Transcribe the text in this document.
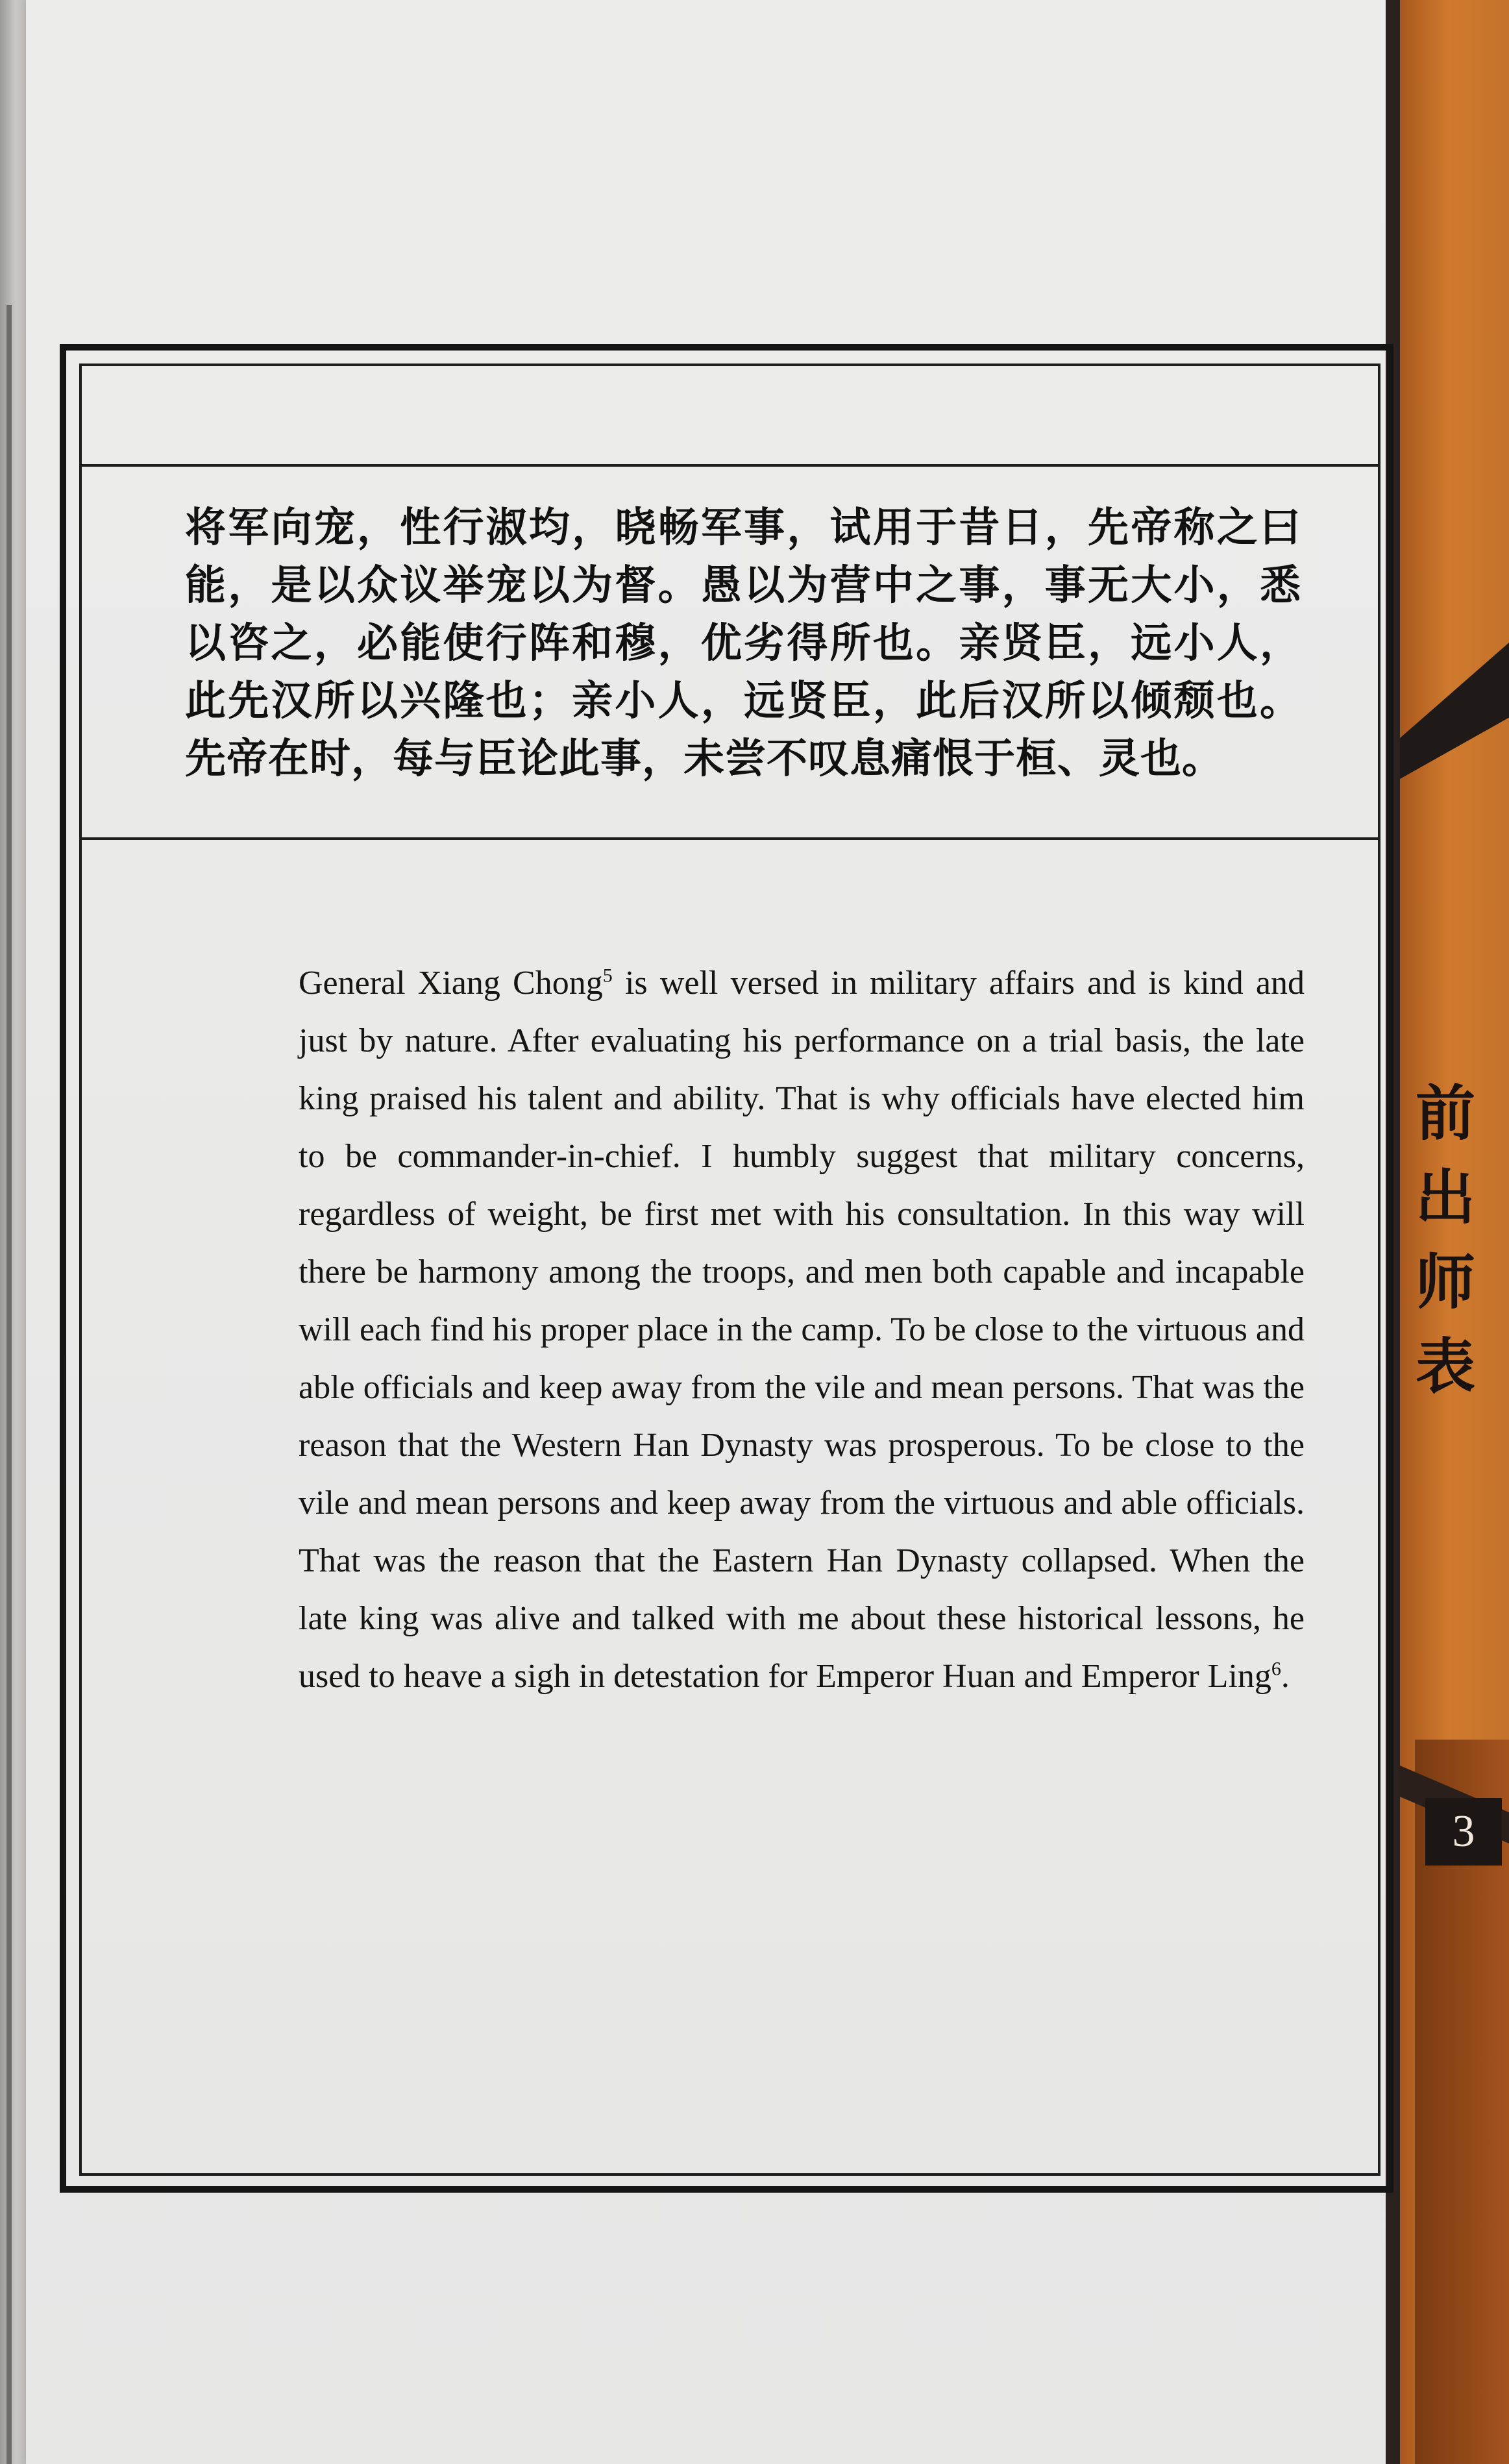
前
出
师
表
3
将军向宠，性行淑均，晓畅军事，试用于昔日，先帝称之曰能，是以众议举宠以为督。愚以为营中之事，事无大小，悉以咨之，必能使行阵和穆，优劣得所也。亲贤臣，远小人，此先汉所以兴隆也；亲小人，远贤臣，此后汉所以倾颓也。先帝在时，每与臣论此事，未尝不叹息痛恨于桓、灵也。
General Xiang Chong$^5$ is well versed in military affairs and is kind and just by nature. After evaluating his performance on a trial basis, the late king praised his talent and ability. That is why officials have elected him to be commander-in-chief. I humbly suggest that military concerns, regardless of weight, be first met with his consultation. In this way will there be harmony among the troops, and men both capable and incapable will each find his proper place in the camp. To be close to the virtuous and able officials and keep away from the vile and mean persons. That was the reason that the Western Han Dynasty was prosperous. To be close to the vile and mean persons and keep away from the virtuous and able officials. That was the reason that the Eastern Han Dynasty collapsed. When the late king was alive and talked with me about these historical lessons, he used to heave a sigh in detestation for Emperor Huan and Emperor Ling$^6$.
